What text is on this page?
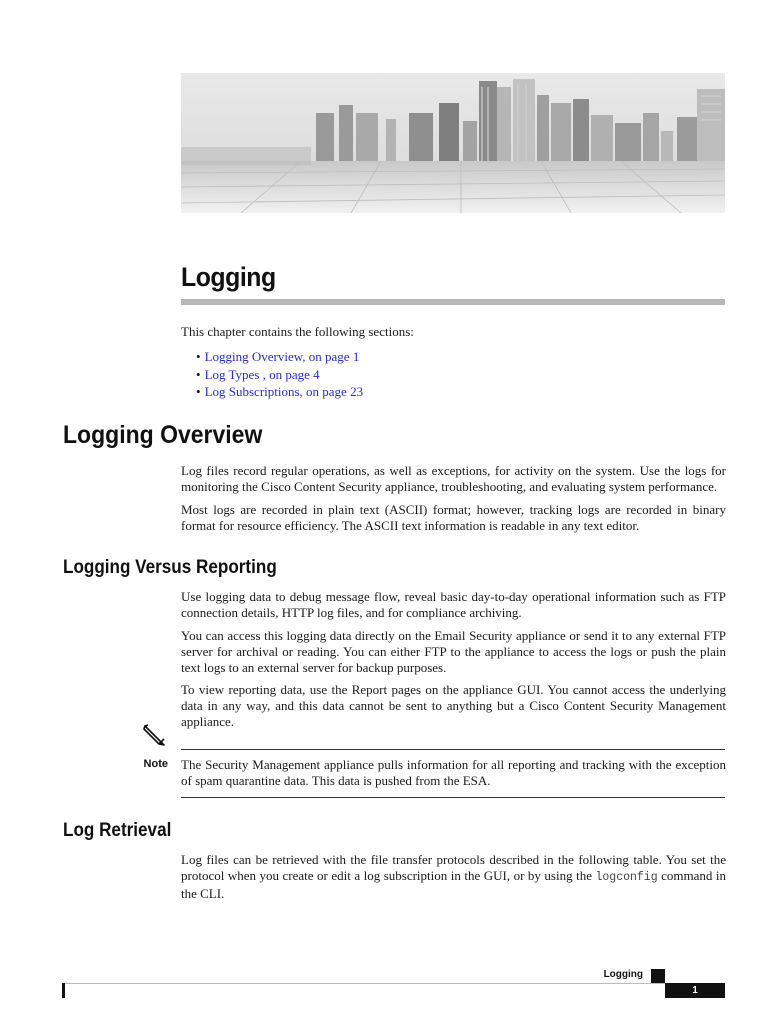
Logging
This chapter contains the following sections:
• Logging Overview, on page 1
• Log Types , on page 4
• Log Subscriptions, on page 23
Logging Overview
Log files record regular operations, as well as exceptions, for activity on the system. Use the logs for monitoring the Cisco Content Security appliance, troubleshooting, and evaluating system performance.
Most logs are recorded in plain text (ASCII) format; however, tracking logs are recorded in binary format for resource efficiency. The ASCII text information is readable in any text editor.
Logging Versus Reporting
Use logging data to debug message flow, reveal basic day-to-day operational information such as FTP connection details, HTTP log files, and for compliance archiving.
You can access this logging data directly on the Email Security appliance or send it to any external FTP server for archival or reading. You can either FTP to the appliance to access the logs or push the plain text logs to an external server for backup purposes.
To view reporting data, use the Report pages on the appliance GUI. You cannot access the underlying data in any way, and this data cannot be sent to anything but a Cisco Content Security Management appliance.
Note The Security Management appliance pulls information for all reporting and tracking with the exception of spam quarantine data. This data is pushed from the ESA.
Log Retrieval
Log files can be retrieved with the file transfer protocols described in the following table. You set the protocol when you create or edit a log subscription in the GUI, or by using the logconfig command in the CLI.
Logging
1
